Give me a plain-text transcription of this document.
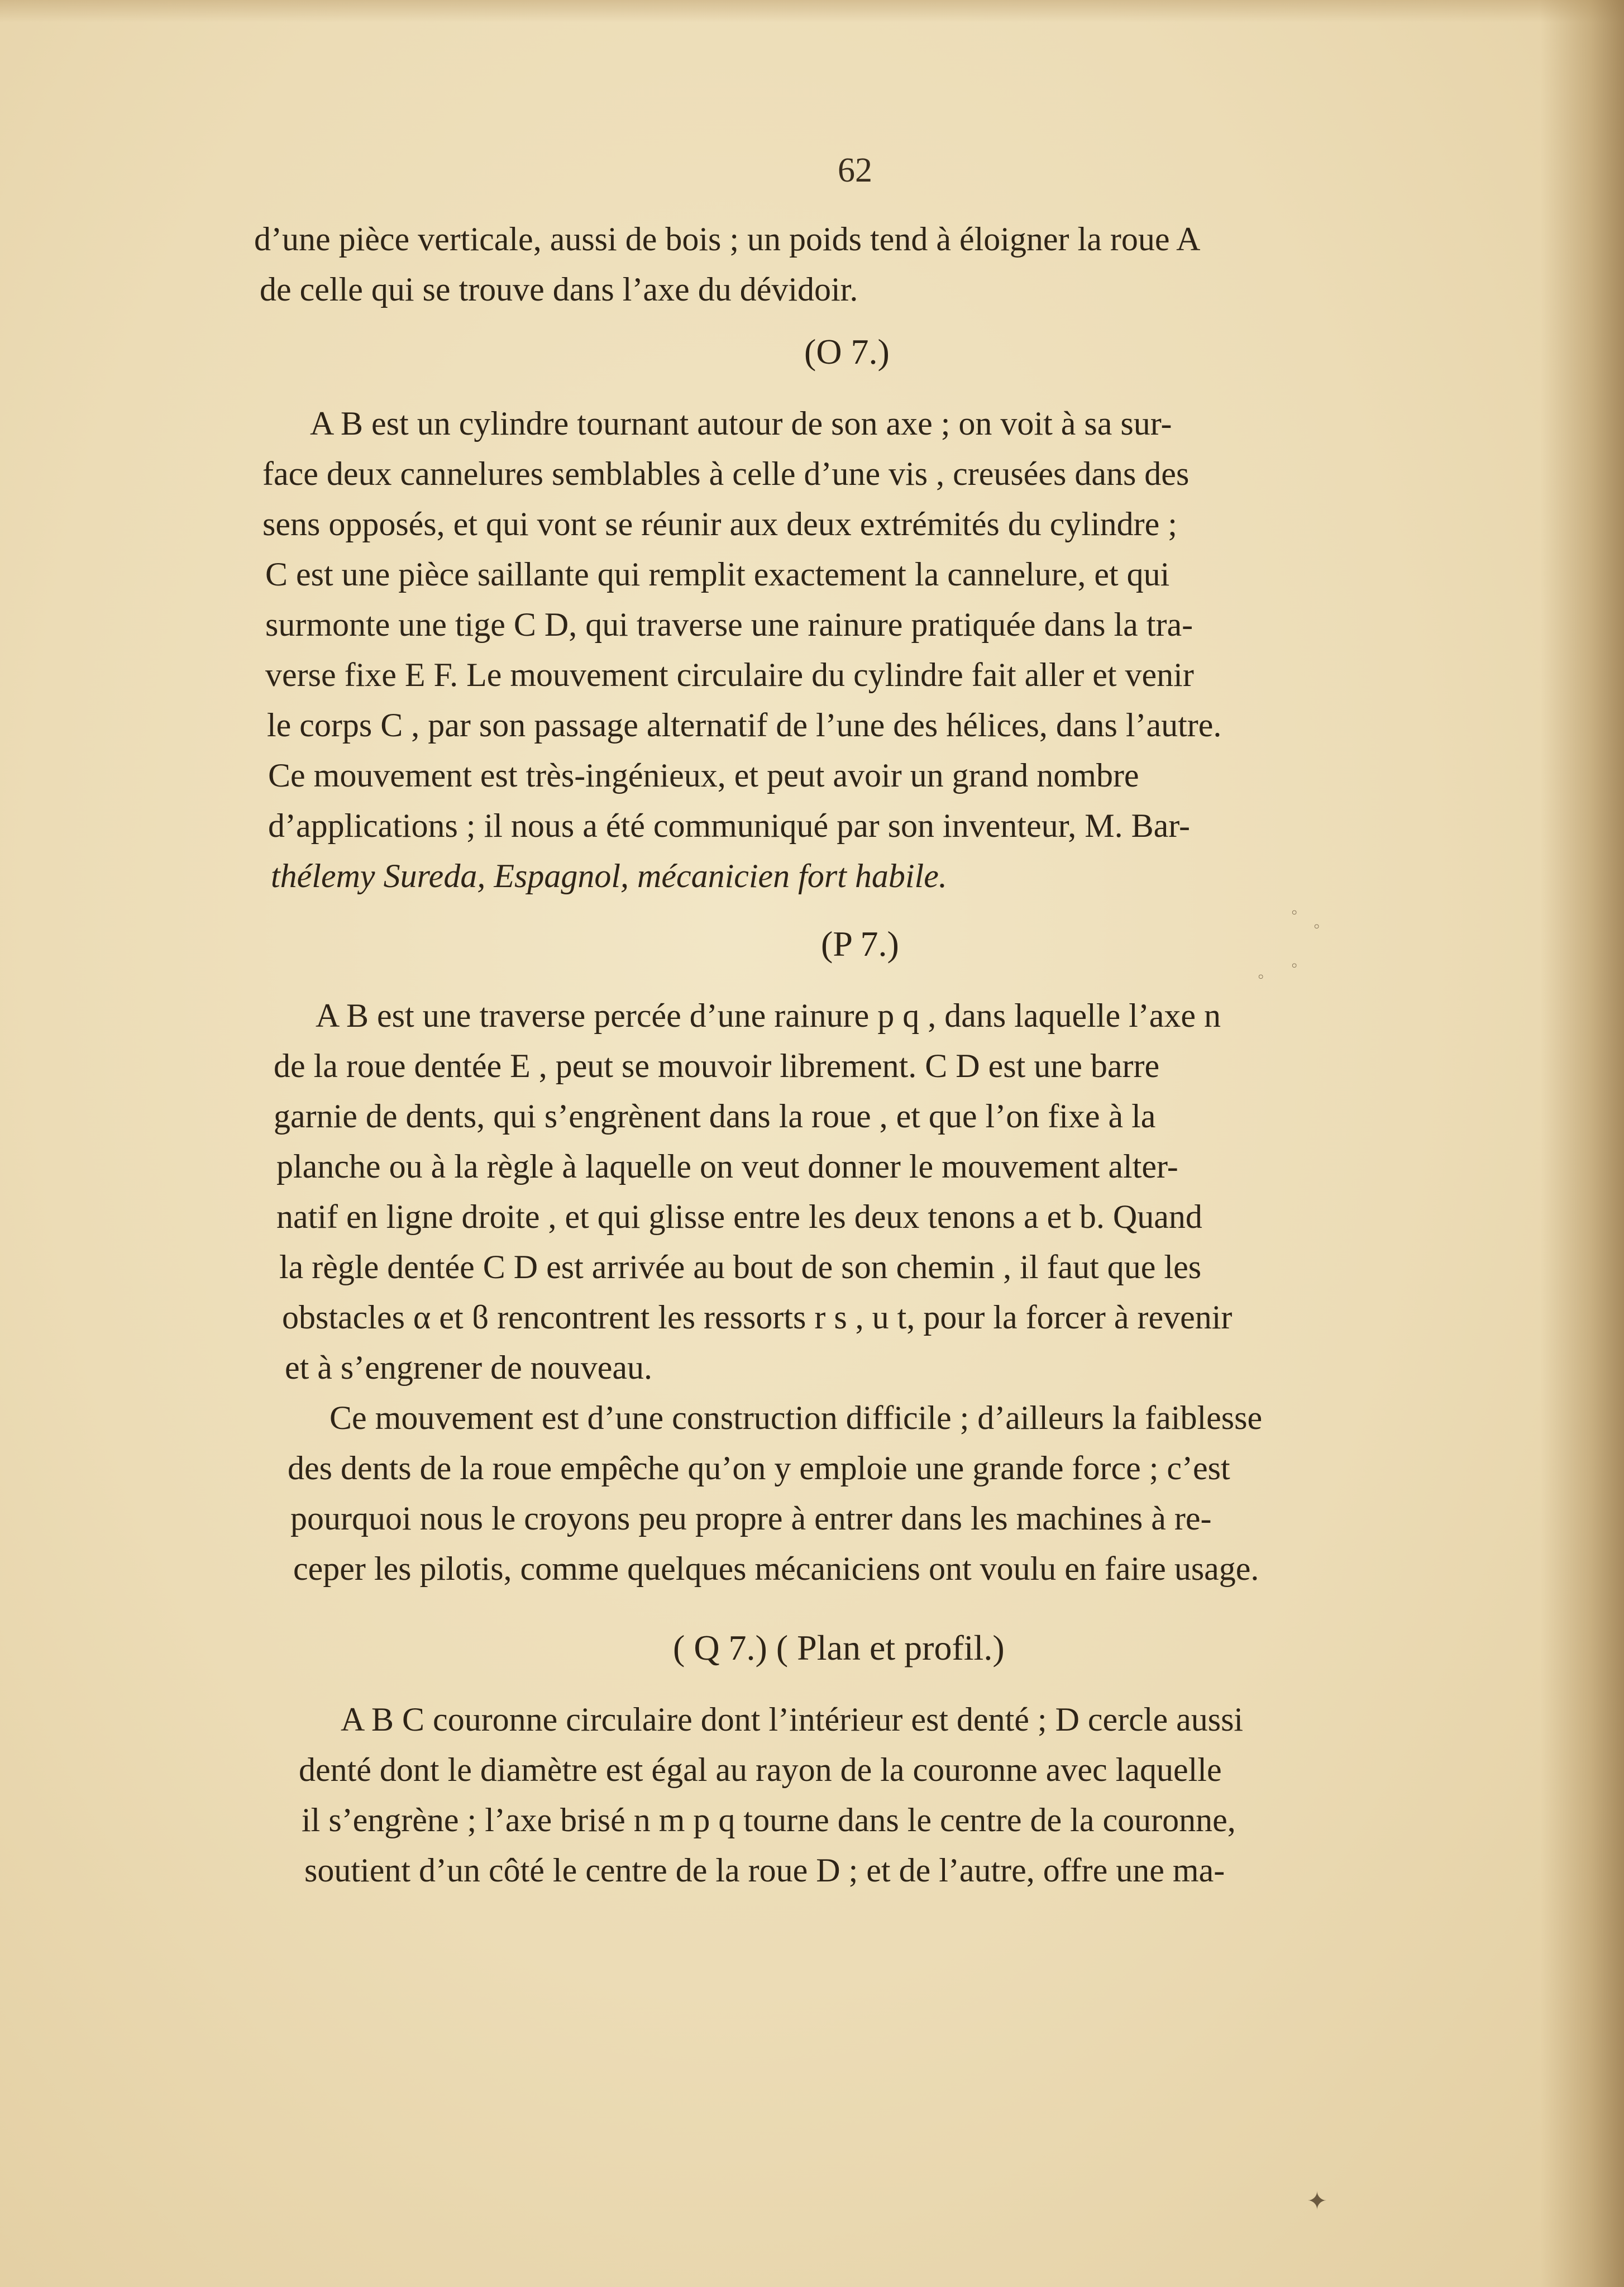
62
d’une pièce verticale, aussi de bois ; un poids tend à éloigner la roue A
de celle qui se trouve dans l’axe du dévidoir.
(O 7.)
A B est un cylindre tournant autour de son axe ; on voit à sa sur-
face deux cannelures semblables à celle d’une vis , creusées dans des
sens opposés, et qui vont se réunir aux deux extrémités du cylindre ;
C est une pièce saillante qui remplit exactement la cannelure, et qui
surmonte une tige C D, qui traverse une rainure pratiquée dans la tra-
verse fixe E F. Le mouvement circulaire du cylindre fait aller et venir
le corps C , par son passage alternatif de l’une des hélices, dans l’autre.
Ce mouvement est très-ingénieux, et peut avoir un grand nombre
d’applications ; il nous a été communiqué par son inventeur, M. Bar-
thélemy Sureda, Espagnol, mécanicien fort habile.
(P 7.)
A B est une traverse percée d’une rainure p q , dans laquelle l’axe n
de la roue dentée E , peut se mouvoir librement. C D est une barre
garnie de dents, qui s’engrènent dans la roue , et que l’on fixe à la
planche ou à la règle à laquelle on veut donner le mouvement alter-
natif en ligne droite , et qui glisse entre les deux tenons a et b. Quand
la règle dentée C D est arrivée au bout de son chemin , il faut que les
obstacles α et ϐ rencontrent les ressorts r s , u t, pour la forcer à revenir
et à s’engrener de nouveau.
Ce mouvement est d’une construction difficile ; d’ailleurs la faiblesse
des dents de la roue empêche qu’on y emploie une grande force ; c’est
pourquoi nous le croyons peu propre à entrer dans les machines à re-
ceper les pilotis, comme quelques mécaniciens ont voulu en faire usage.
( Q 7.) ( Plan et profil.)
A B C couronne circulaire dont l’intérieur est denté ; D cercle aussi
denté dont le diamètre est égal au rayon de la couronne avec laquelle
il s’engrène ; l’axe brisé n m p q tourne dans le centre de la couronne,
soutient d’un côté le centre de la roue D ; et de l’autre, offre une ma-
◦
◦
◦
◦
✦
